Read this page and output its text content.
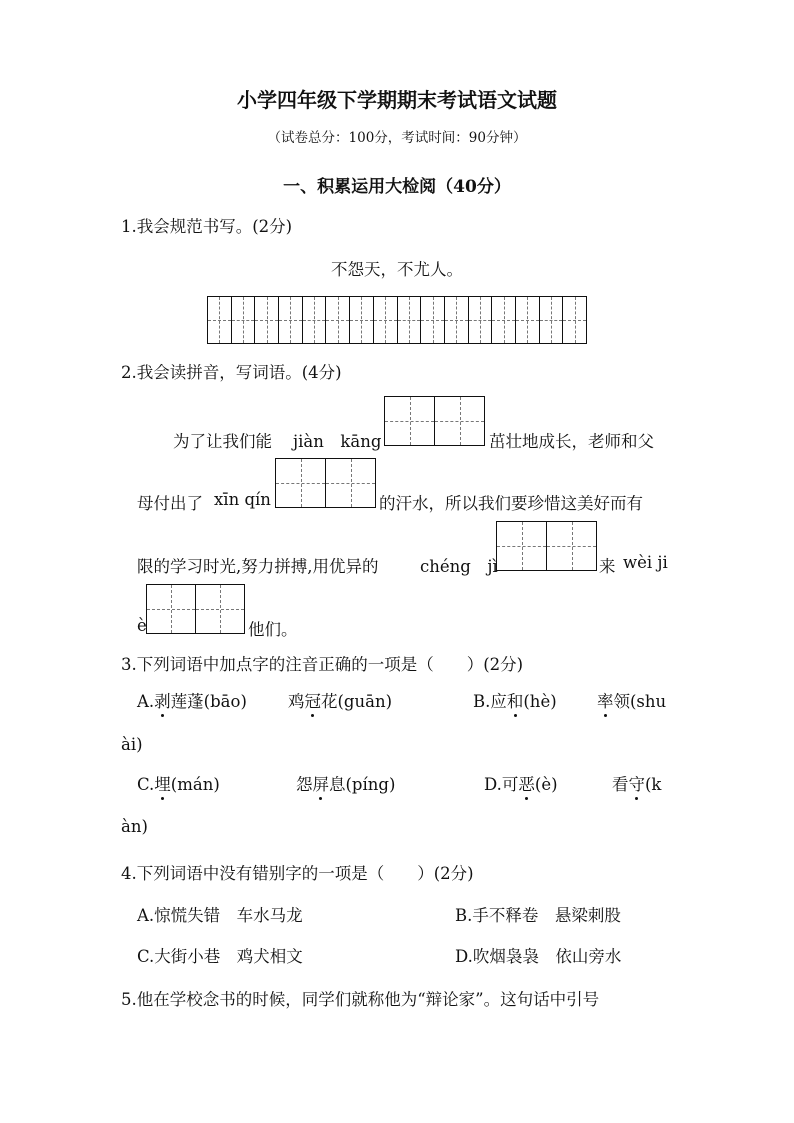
小学四年级下学期期末考试语文试题
（试卷总分：100分，考试时间：90分钟）
一、积累运用大检阅（40分）
1.我会规范书写。(2分)
不怨天，不尤人。
2.我会读拼音，写词语。(4分)
为了让我们能 jiàn　kāng	茁壮地成长，老师和父
母付出了 xīn qín	的汗水，所以我们要珍惜这美好而有
限的学习时光,努力拼搏,用优异的	chéng　jì	来 wèi ji
è	他们。
3.下列词语中加点字的注音正确的一项是（　　）(2分)
A.剥莲蓬(bāo) 鸡冠花(guān)	B.应和(hè) 率领(shu
ài)
C.埋(mán)	怨屏息(píng)	D.可恶(è)	看守(k
àn)
4.下列词语中没有错别字的一项是（　　）(2分)
A.惊慌失错　车水马龙	B.手不释卷　悬梁刺股
C.大街小巷　鸡犬相文	D.吹烟袅袅　依山旁水
5.他在学校念书的时候，同学们就称他为“辩论家”。这句话中引号
